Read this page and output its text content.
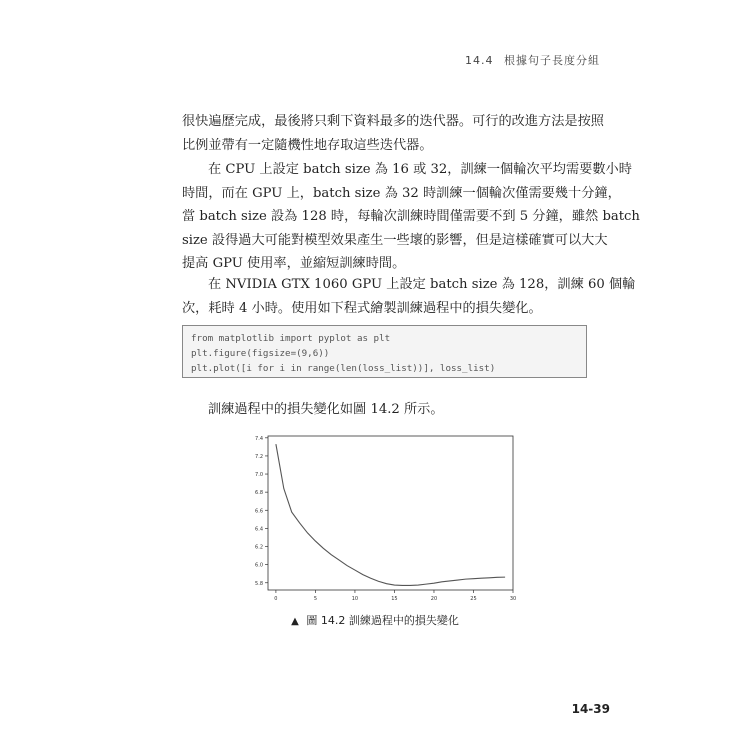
14.4 根據句子長度分組
很快遍歷完成，最後將只剩下資料最多的迭代器。可行的改進方法是按照
比例並帶有一定隨機性地存取這些迭代器。
在 CPU 上設定 batch size 為 16 或 32，訓練一個輪次平均需要數小時
時間，而在 GPU 上，batch size 為 32 時訓練一個輪次僅需要幾十分鐘，
當 batch size 設為 128 時，每輪次訓練時間僅需要不到 5 分鐘，雖然 batch
size 設得過大可能對模型效果產生一些壞的影響，但是這樣確實可以大大
提高 GPU 使用率，並縮短訓練時間。
在 NVIDIA GTX 1060 GPU 上設定 batch size 為 128，訓練 60 個輪
次，耗時 4 小時。使用如下程式繪製訓練過程中的損失變化。
from matplotlib import pyplot as plt
plt.figure(figsize=(9,6))
plt.plot([i for i in range(len(loss_list))], loss_list)
訓練過程中的損失變化如圖 14.2 所示。
5.8
6.0
6.2
6.4
6.6
6.8
7.0
7.2
7.4
0	5	10	15	20	25	30
▲ 圖 14.2 訓練過程中的損失變化
14-39
